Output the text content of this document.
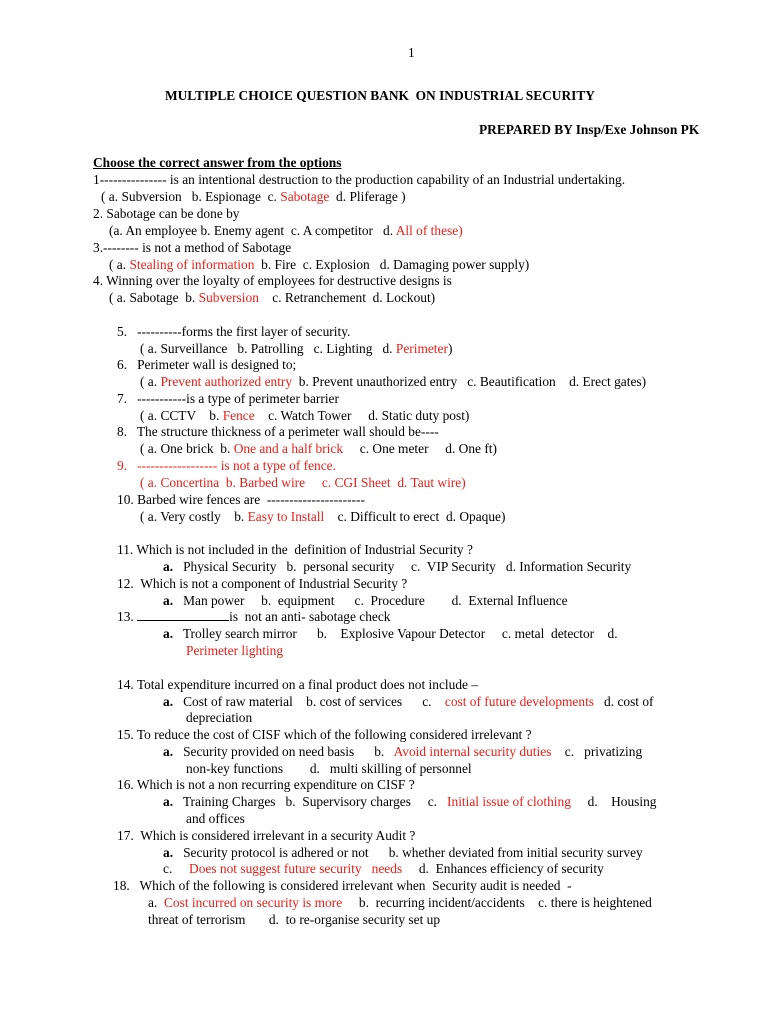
1
MULTIPLE CHOICE QUESTION BANK  ON INDUSTRIAL SECURITY
PREPARED BY Insp/Exe Johnson PK
Choose the correct answer from the options
1--------------- is an intentional destruction to the production capability of an Industrial undertaking.
( a. Subversion   b. Espionage  c. Sabotage  d. Pliferage )
2. Sabotage can be done by
(a. An employee b. Enemy agent  c. A competitor   d. All of these)
3.-------- is not a method of Sabotage
( a. Stealing of information  b. Fire  c. Explosion   d. Damaging power supply)
4. Winning over the loyalty of employees for destructive designs is
( a. Sabotage  b. Subversion    c. Retranchement  d. Lockout)
5.   ----------forms the first layer of security.
( a. Surveillance   b. Patrolling   c. Lighting   d. Perimeter)
6.   Perimeter wall is designed to;
( a. Prevent authorized entry  b. Prevent unauthorized entry   c. Beautification    d. Erect gates)
7.   -----------is a type of perimeter barrier
( a. CCTV    b. Fence    c. Watch Tower     d. Static duty post)
8.   The structure thickness of a perimeter wall should be----
( a. One brick  b. One and a half brick     c. One meter     d. One ft)
9.   ------------------ is not a type of fence.
( a. Concertina  b. Barbed wire     c. CGI Sheet  d. Taut wire)
10. Barbed wire fences are  ----------------------
( a. Very costly    b. Easy to Install    c. Difficult to erect  d. Opaque)
11. Which is not included in the  definition of Industrial Security ?
a.   Physical Security   b.  personal security     c.  VIP Security   d. Information Security
12.  Which is not a component of Industrial Security ?
a.   Man power     b.  equipment      c.  Procedure        d.  External Influence
13.	is  not an anti- sabotage check
a.   Trolley search mirror      b.    Explosive Vapour Detector     c. metal  detector    d.
Perimeter lighting
14. Total expenditure incurred on a final product does not include –
a.   Cost of raw material    b. cost of services      c.    cost of future developments   d. cost of
depreciation
15. To reduce the cost of CISF which of the following considered irrelevant ?
a.   Security provided on need basis      b.   Avoid internal security duties    c.   privatizing
non-key functions        d.   multi skilling of personnel
16. Which is not a non recurring expenditure on CISF ?
a.   Training Charges   b.  Supervisory charges     c.   Initial issue of clothing     d.    Housing
and offices
17.  Which is considered irrelevant in a security Audit ?
a.   Security protocol is adhered or not      b. whether deviated from initial security survey
c.     Does not suggest future security   needs     d.  Enhances efficiency of security
18.   Which of the following is considered irrelevant when  Security audit is needed  -
a.  Cost incurred on security is more     b.  recurring incident/accidents    c. there is heightened
threat of terrorism       d.  to re-organise security set up
